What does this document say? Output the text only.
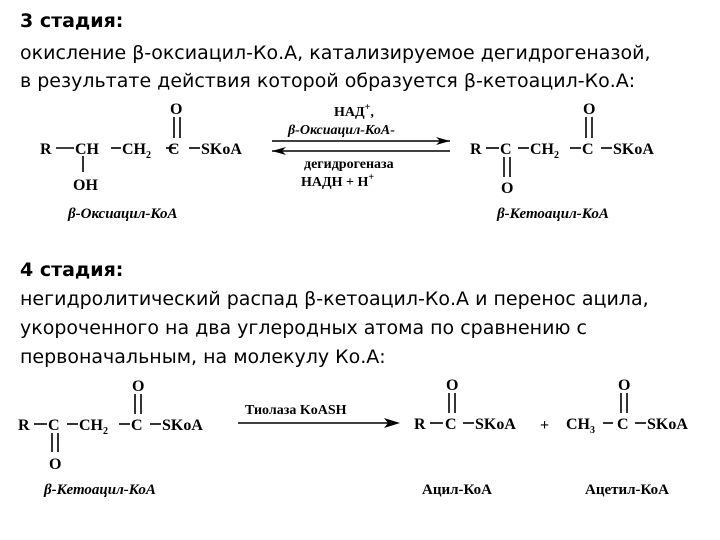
3 стадия:
окисление β-оксиацил-Ко.А, катализируемое дегидрогеназой,
в результате действия которой образуется β-кетоацил-Ко.А:
4 стадия:
негидролитический распад β-кетоацил-Ко.А и перенос ацила,
укороченного на два углеродных атома по сравнению с
первоначальным, на молекулу Ко.А:
R CH $CH_2$ C SKoA
O
OH
β-Оксиацил-КоА
НАД+,
β-Оксиацил-КоА-
дегидрогеназа
НАДН + Н+
R C $CH_2$ C SKoA
O
O
β-Кетоацил-КоА
R C $CH_2$ C SKoA
O
O
β-Кетоацил-КоА
Тиолаза KoASH
R C SKoA
O
Ацил-КоА
+ $CH_3$ C SKoA
O
Ацетил-КоА
